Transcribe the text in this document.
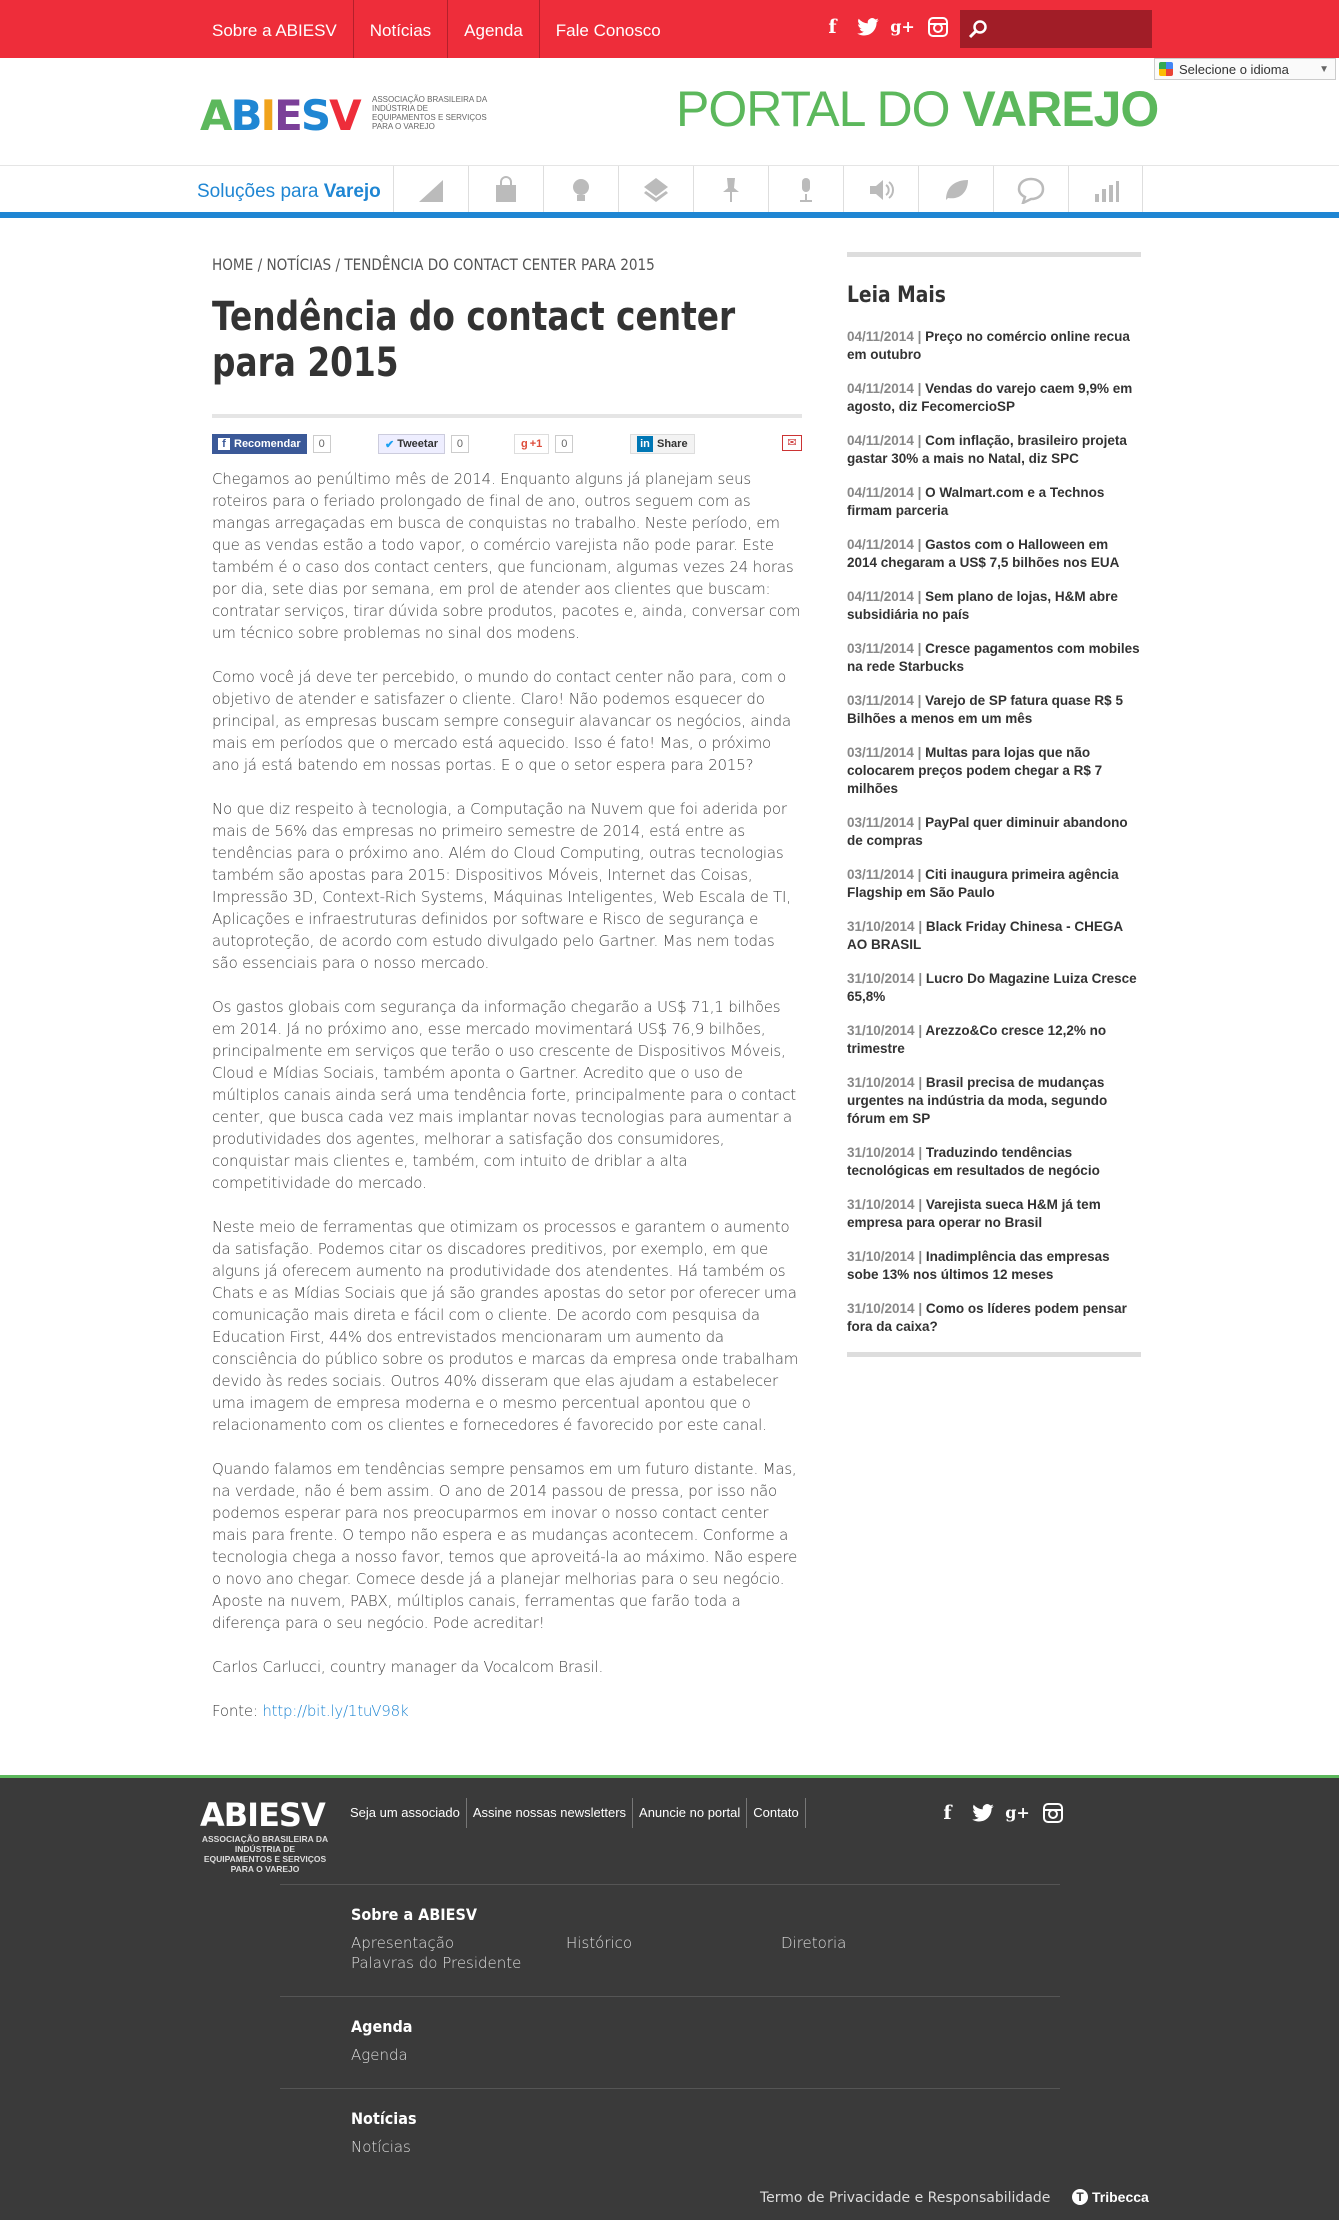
Sobre a ABIESV	Notícias	Agenda	Fale Conosco	f	g+
ABIESV	ASSOCIAÇÃO BRASILEIRA DA INDÚSTRIA DE EQUIPAMENTOS E SERVIÇOS PARA O VAREJO	PORTAL DO VAREJO
Selecione o idioma	▼
Soluções para Varejo
HOME / NOTÍCIAS / TENDÊNCIA DO CONTACT CENTER PARA 2015
Tendência do contact center para 2015
f Recomendar	0	✔ Tweetar	0	g +1	0	in Share	✉

Chegamos ao penúltimo mês de 2014. Enquanto alguns já planejam seus roteiros para o feriado prolongado de final de ano, outros seguem com as mangas arregaçadas em busca de conquistas no trabalho. Neste período, em que as vendas estão a todo vapor, o comércio varejista não pode parar. Este também é o caso dos contact centers, que funcionam, algumas vezes 24 horas por dia, sete dias por semana, em prol de atender aos clientes que buscam: contratar serviços, tirar dúvida sobre produtos, pacotes e, ainda, conversar com um técnico sobre problemas no sinal dos modens.

Como você já deve ter percebido, o mundo do contact center não para, com o objetivo de atender e satisfazer o cliente. Claro! Não podemos esquecer do principal, as empresas buscam sempre conseguir alavancar os negócios, ainda mais em períodos que o mercado está aquecido. Isso é fato! Mas, o próximo ano já está batendo em nossas portas. E o que o setor espera para 2015?

No que diz respeito à tecnologia, a Computação na Nuvem que foi aderida por mais de 56% das empresas no primeiro semestre de 2014, está entre as tendências para o próximo ano. Além do Cloud Computing, outras tecnologias também são apostas para 2015: Dispositivos Móveis, Internet das Coisas, Impressão 3D, Context-Rich Systems, Máquinas Inteligentes, Web Escala de TI, Aplicações e infraestruturas definidos por software e Risco de segurança e autoproteção, de acordo com estudo divulgado pelo Gartner. Mas nem todas são essenciais para o nosso mercado.

Os gastos globais com segurança da informação chegarão a US$ 71,1 bilhões em 2014. Já no próximo ano, esse mercado movimentará US$ 76,9 bilhões, principalmente em serviços que terão o uso crescente de Dispositivos Móveis, Cloud e Mídias Sociais, também aponta o Gartner. Acredito que o uso de múltiplos canais ainda será uma tendência forte, principalmente para o contact center, que busca cada vez mais implantar novas tecnologias para aumentar a produtividades dos agentes, melhorar a satisfação dos consumidores, conquistar mais clientes e, também, com intuito de driblar a alta competitividade do mercado.

Neste meio de ferramentas que otimizam os processos e garantem o aumento da satisfação. Podemos citar os discadores preditivos, por exemplo, em que alguns já oferecem aumento na produtividade dos atendentes. Há também os Chats e as Mídias Sociais que já são grandes apostas do setor por oferecer uma comunicação mais direta e fácil com o cliente. De acordo com pesquisa da Education First, 44% dos entrevistados mencionaram um aumento da consciência do público sobre os produtos e marcas da empresa onde trabalham devido às redes sociais. Outros 40% disseram que elas ajudam a estabelecer uma imagem de empresa moderna e o mesmo percentual apontou que o relacionamento com os clientes e fornecedores é favorecido por este canal.

Quando falamos em tendências sempre pensamos em um futuro distante. Mas, na verdade, não é bem assim. O ano de 2014 passou de pressa, por isso não podemos esperar para nos preocuparmos em inovar o nosso contact center mais para frente. O tempo não espera e as mudanças acontecem. Conforme a tecnologia chega a nosso favor, temos que aproveitá-la ao máximo. Não espere o novo ano chegar. Comece desde já a planejar melhorias para o seu negócio. Aposte na nuvem, PABX, múltiplos canais, ferramentas que farão toda a diferença para o seu negócio. Pode acreditar!

Carlos Carlucci, country manager da Vocalcom Brasil.

Fonte: http://bit.ly/1tuV98k

Leia Mais
04/11/2014 | Preço no comércio online recua em outubro
04/11/2014 | Vendas do varejo caem 9,9% em agosto, diz FecomercioSP
04/11/2014 | Com inflação, brasileiro projeta gastar 30% a mais no Natal, diz SPC
04/11/2014 | O Walmart.com e a Technos firmam parceria
04/11/2014 | Gastos com o Halloween em 2014 chegaram a US$ 7,5 bilhões nos EUA
04/11/2014 | Sem plano de lojas, H&M abre subsidiária no país
03/11/2014 | Cresce pagamentos com mobiles na rede Starbucks
03/11/2014 | Varejo de SP fatura quase R$ 5 Bilhões a menos em um mês
03/11/2014 | Multas para lojas que não colocarem preços podem chegar a R$ 7 milhões
03/11/2014 | PayPal quer diminuir abandono de compras
03/11/2014 | Citi inaugura primeira agência Flagship em São Paulo
31/10/2014 | Black Friday Chinesa - CHEGA AO BRASIL
31/10/2014 | Lucro Do Magazine Luiza Cresce 65,8%
31/10/2014 | Arezzo&Co cresce 12,2% no trimestre
31/10/2014 | Brasil precisa de mudanças urgentes na indústria da moda, segundo fórum em SP
31/10/2014 | Traduzindo tendências tecnológicas em resultados de negócio
31/10/2014 | Varejista sueca H&M já tem empresa para operar no Brasil
31/10/2014 | Inadimplência das empresas sobe 13% nos últimos 12 meses
31/10/2014 | Como os líderes podem pensar fora da caixa?
ABIESV
ASSOCIAÇÃO BRASILEIRA DA INDÚSTRIA DE EQUIPAMENTOS E SERVIÇOS PARA O VAREJO
Seja um associado	Assine nossas newsletters	Anuncie no portal	Contato	f	g+
Sobre a ABIESV
Apresentação	Histórico	Diretoria
Palavras do Presidente
Agenda
Agenda
Notícias
Notícias
Termo de Privacidade e Responsabilidade	T Tribecca
